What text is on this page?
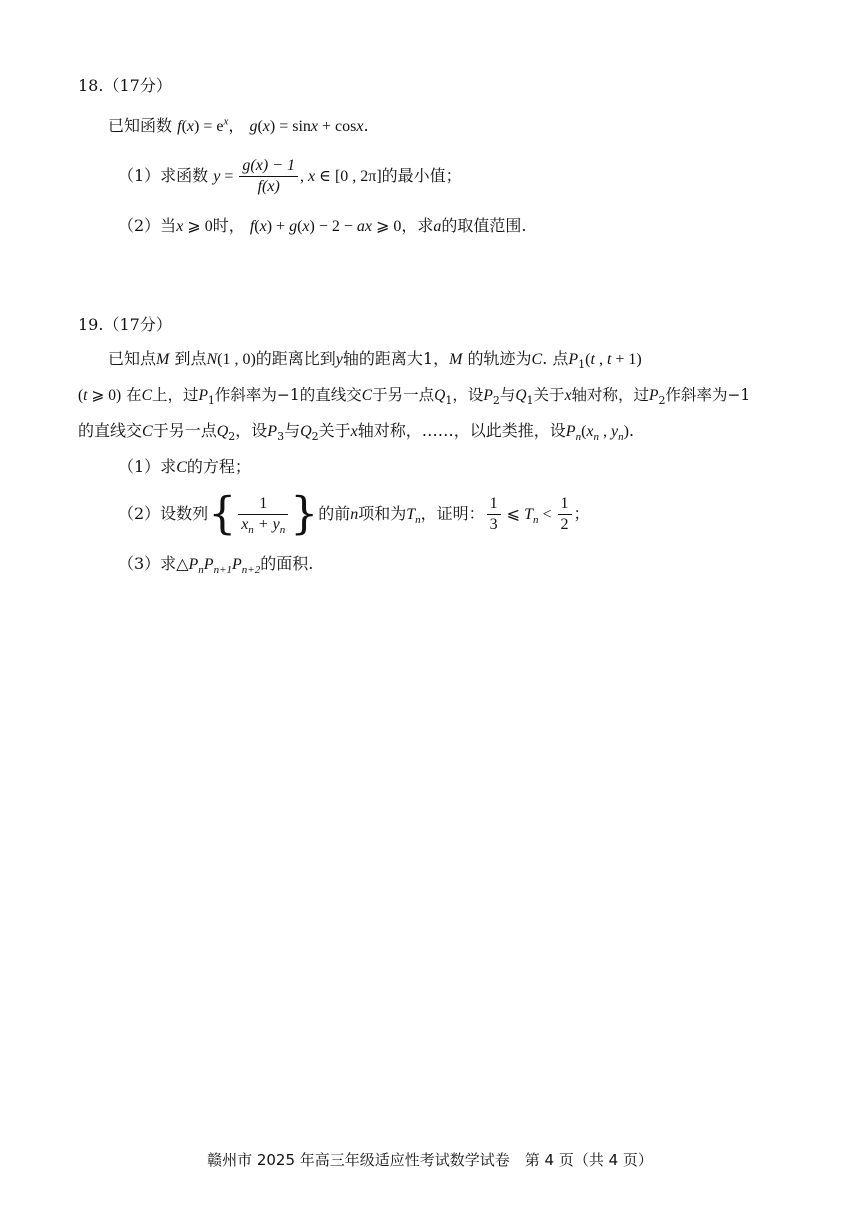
18.（17分）
已知函数 $f(x) = e^x$， g(x) = sinx + cosx.
（1）求函数 $y = \frac{g(x) - 1}{f(x)}$ , x ∈ [0 , 2π]的最小值；
（2）当x ⩾ 0时， f(x) + g(x) − 2 − ax ⩾ 0，求a的取值范围.
19.（17分）
已知点M 到点N(1 , 0)的距离比到y轴的距离大1，M 的轨迹为C. 点$P_1(t$ , t + 1)
(t ⩾ 0) 在C上，过$P_1$作斜率为−1的直线交C于另一点$Q_1$，设$P_2$与$Q_1$关于x轴对称，过$P_2$作斜率为−1
的直线交C于另一点$Q_2$，设$P_3$与$Q_2$关于x轴对称，……，以此类推，设$P_n(x_n$ , $y_n$).
（1）求C的方程；
（2）设数列{ $\frac{1}{x_n + y_n}$ }的前n项和为$T_n$，证明： $\frac{1}{3}$ ⩽ $T_n < \frac{1}{2}$ ；
（3）求$\triangle P_nP_{n+1}P_{n+2}$的面积.
赣州市 2025 年高三年级适应性考试数学试卷　第 4 页（共 4 页）
